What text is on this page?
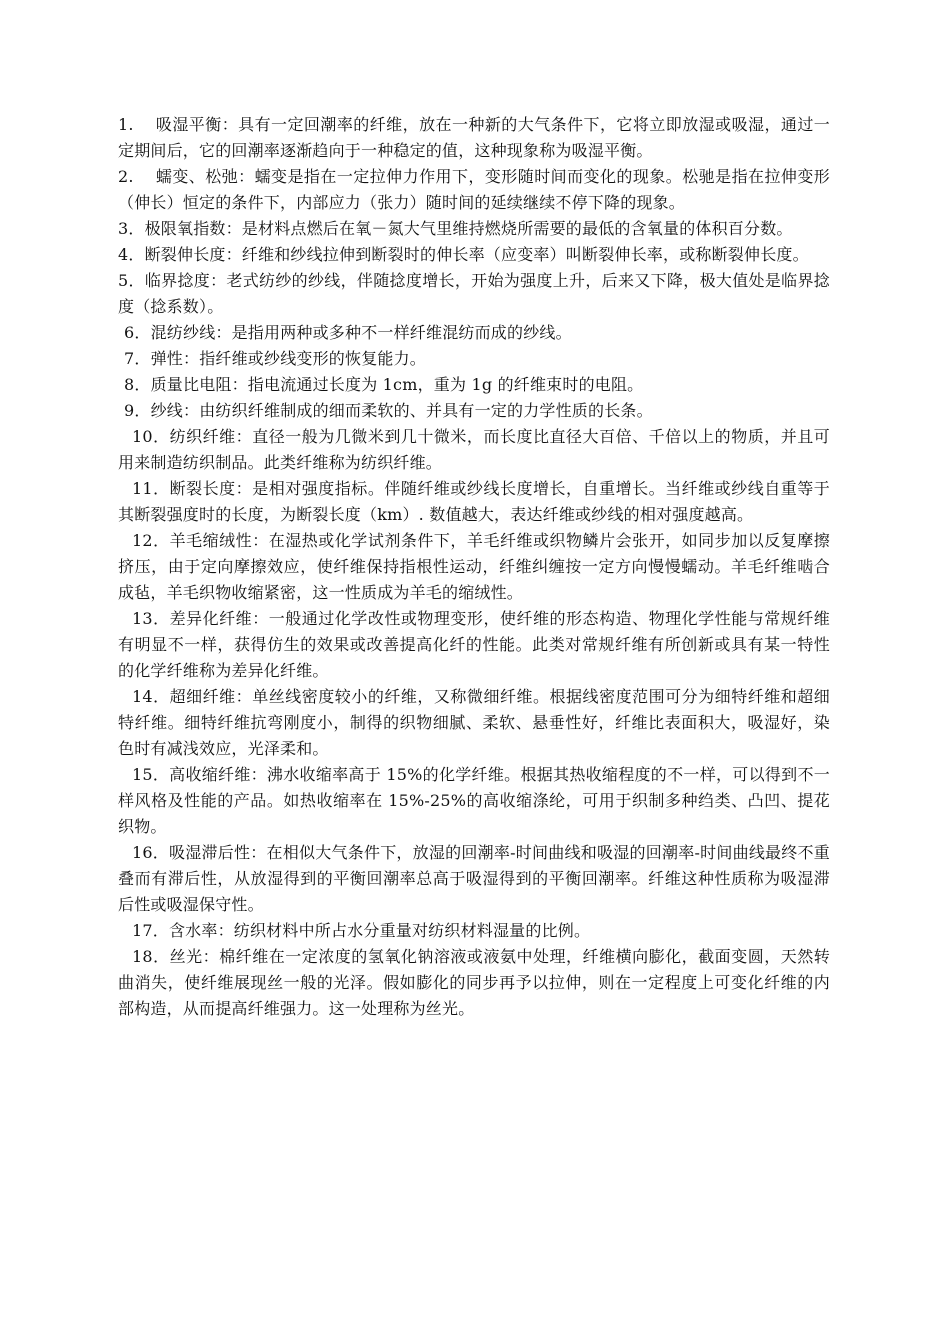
1.　 吸湿平衡：具有一定回潮率的纤维，放在一种新的大气条件下，它将立即放湿或吸湿，通过一定期间后，它的回潮率逐渐趋向于一种稳定的值，这种现象称为吸湿平衡。

2.　 蠕变、松弛：蠕变是指在一定拉伸力作用下，变形随时间而变化的现象。松驰是指在拉伸变形（伸长）恒定的条件下，内部应力（张力）随时间的延续继续不停下降的现象。

3．极限氧指数：是材料点燃后在氧－氮大气里维持燃烧所需要的最低的含氧量的体积百分数。

4．断裂伸长度：纤维和纱线拉伸到断裂时的伸长率（应变率）叫断裂伸长率，或称断裂伸长度。

5．临界捻度：老式纺纱的纱线，伴随捻度增长，开始为强度上升，后来又下降，极大值处是临界捻度（捻系数）。

6．混纺纱线：是指用两种或多种不一样纤维混纺而成的纱线。

7．弹性：指纤维或纱线变形的恢复能力。

8．质量比电阻：指电流通过长度为 1cm，重为 1g 的纤维束时的电阻。

9．纱线：由纺织纤维制成的细而柔软的、并具有一定的力学性质的长条。

10．纺织纤维：直径一般为几微米到几十微米，而长度比直径大百倍、千倍以上的物质，并且可用来制造纺织制品。此类纤维称为纺织纤维。

11．断裂长度：是相对强度指标。伴随纤维或纱线长度增长，自重增长。当纤维或纱线自重等于其断裂强度时的长度，为断裂长度（km）. 数值越大，表达纤维或纱线的相对强度越高。

12．羊毛缩绒性：在湿热或化学试剂条件下，羊毛纤维或织物鳞片会张开，如同步加以反复摩擦挤压，由于定向摩擦效应，使纤维保持指根性运动，纤维纠缠按一定方向慢慢蠕动。羊毛纤维啮合成毡，羊毛织物收缩紧密，这一性质成为羊毛的缩绒性。

13．差异化纤维：一般通过化学改性或物理变形，使纤维的形态构造、物理化学性能与常规纤维有明显不一样，获得仿生的效果或改善提高化纤的性能。此类对常规纤维有所创新或具有某一特性的化学纤维称为差异化纤维。

14．超细纤维：单丝线密度较小的纤维，又称微细纤维。根据线密度范围可分为细特纤维和超细特纤维。细特纤维抗弯刚度小，制得的织物细腻、柔软、悬垂性好，纤维比表面积大，吸湿好，染色时有减浅效应，光泽柔和。

15．高收缩纤维：沸水收缩率高于 15%的化学纤维。根据其热收缩程度的不一样，可以得到不一样风格及性能的产品。如热收缩率在 15%-25%的高收缩涤纶，可用于织制多种绉类、凸凹、提花织物。

16．吸湿滞后性：在相似大气条件下，放湿的回潮率-时间曲线和吸湿的回潮率-时间曲线最终不重叠而有滞后性，从放湿得到的平衡回潮率总高于吸湿得到的平衡回潮率。纤维这种性质称为吸湿滞后性或吸湿保守性。

17．含水率：纺织材料中所占水分重量对纺织材料湿量的比例。

18．丝光：棉纤维在一定浓度的氢氧化钠溶液或液氨中处理，纤维横向膨化，截面变圆，天然转曲消失，使纤维展现丝一般的光泽。假如膨化的同步再予以拉伸，则在一定程度上可变化纤维的内部构造，从而提高纤维强力。这一处理称为丝光。
